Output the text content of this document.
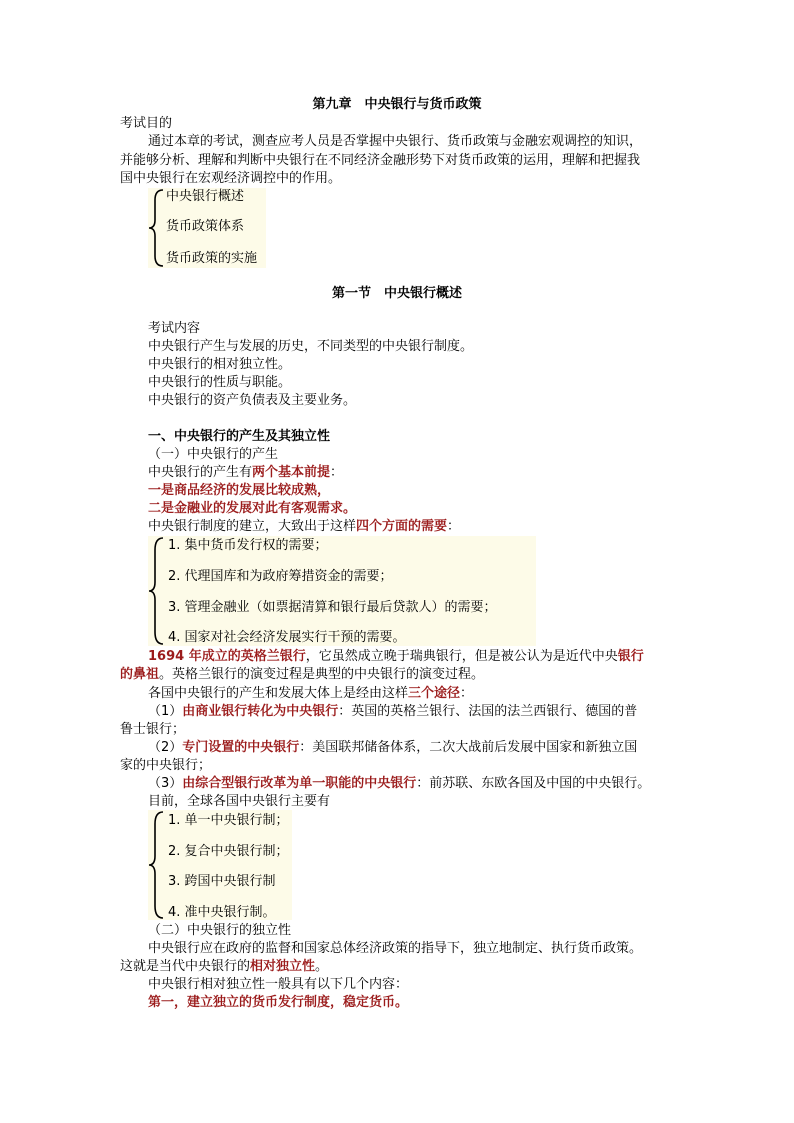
第九章　中央银行与货币政策
考试目的
通过本章的考试，测查应考人员是否掌握中央银行、货币政策与金融宏观调控的知识，
并能够分析、理解和判断中央银行在不同经济金融形势下对货币政策的运用，理解和把握我
国中央银行在宏观经济调控中的作用。
中央银行概述
货币政策体系
货币政策的实施
第一节　中央银行概述
考试内容
中央银行产生与发展的历史，不同类型的中央银行制度。
中央银行的相对独立性。
中央银行的性质与职能。
中央银行的资产负债表及主要业务。
一、中央银行的产生及其独立性
（一）中央银行的产生
中央银行的产生有两个基本前提：
一是商品经济的发展比较成熟，
二是金融业的发展对此有客观需求。
中央银行制度的建立，大致出于这样四个方面的需要：
1. 集中货币发行权的需要；
2. 代理国库和为政府筹措资金的需要；
3. 管理金融业（如票据清算和银行最后贷款人）的需要；
4. 国家对社会经济发展实行干预的需要。
1694 年成立的英格兰银行，它虽然成立晚于瑞典银行，但是被公认为是近代中央银行
的鼻祖。英格兰银行的演变过程是典型的中央银行的演变过程。
各国中央银行的产生和发展大体上是经由这样三个途径：
（1）由商业银行转化为中央银行：英国的英格兰银行、法国的法兰西银行、德国的普
鲁士银行；
（2）专门设置的中央银行：美国联邦储备体系，二次大战前后发展中国家和新独立国
家的中央银行；
（3）由综合型银行改革为单一职能的中央银行：前苏联、东欧各国及中国的中央银行。
目前，全球各国中央银行主要有
1. 单一中央银行制；
2. 复合中央银行制；
3. 跨国中央银行制
4. 准中央银行制。
（二）中央银行的独立性
中央银行应在政府的监督和国家总体经济政策的指导下，独立地制定、执行货币政策。
这就是当代中央银行的相对独立性。
中央银行相对独立性一般具有以下几个内容：
第一，建立独立的货币发行制度，稳定货币。
